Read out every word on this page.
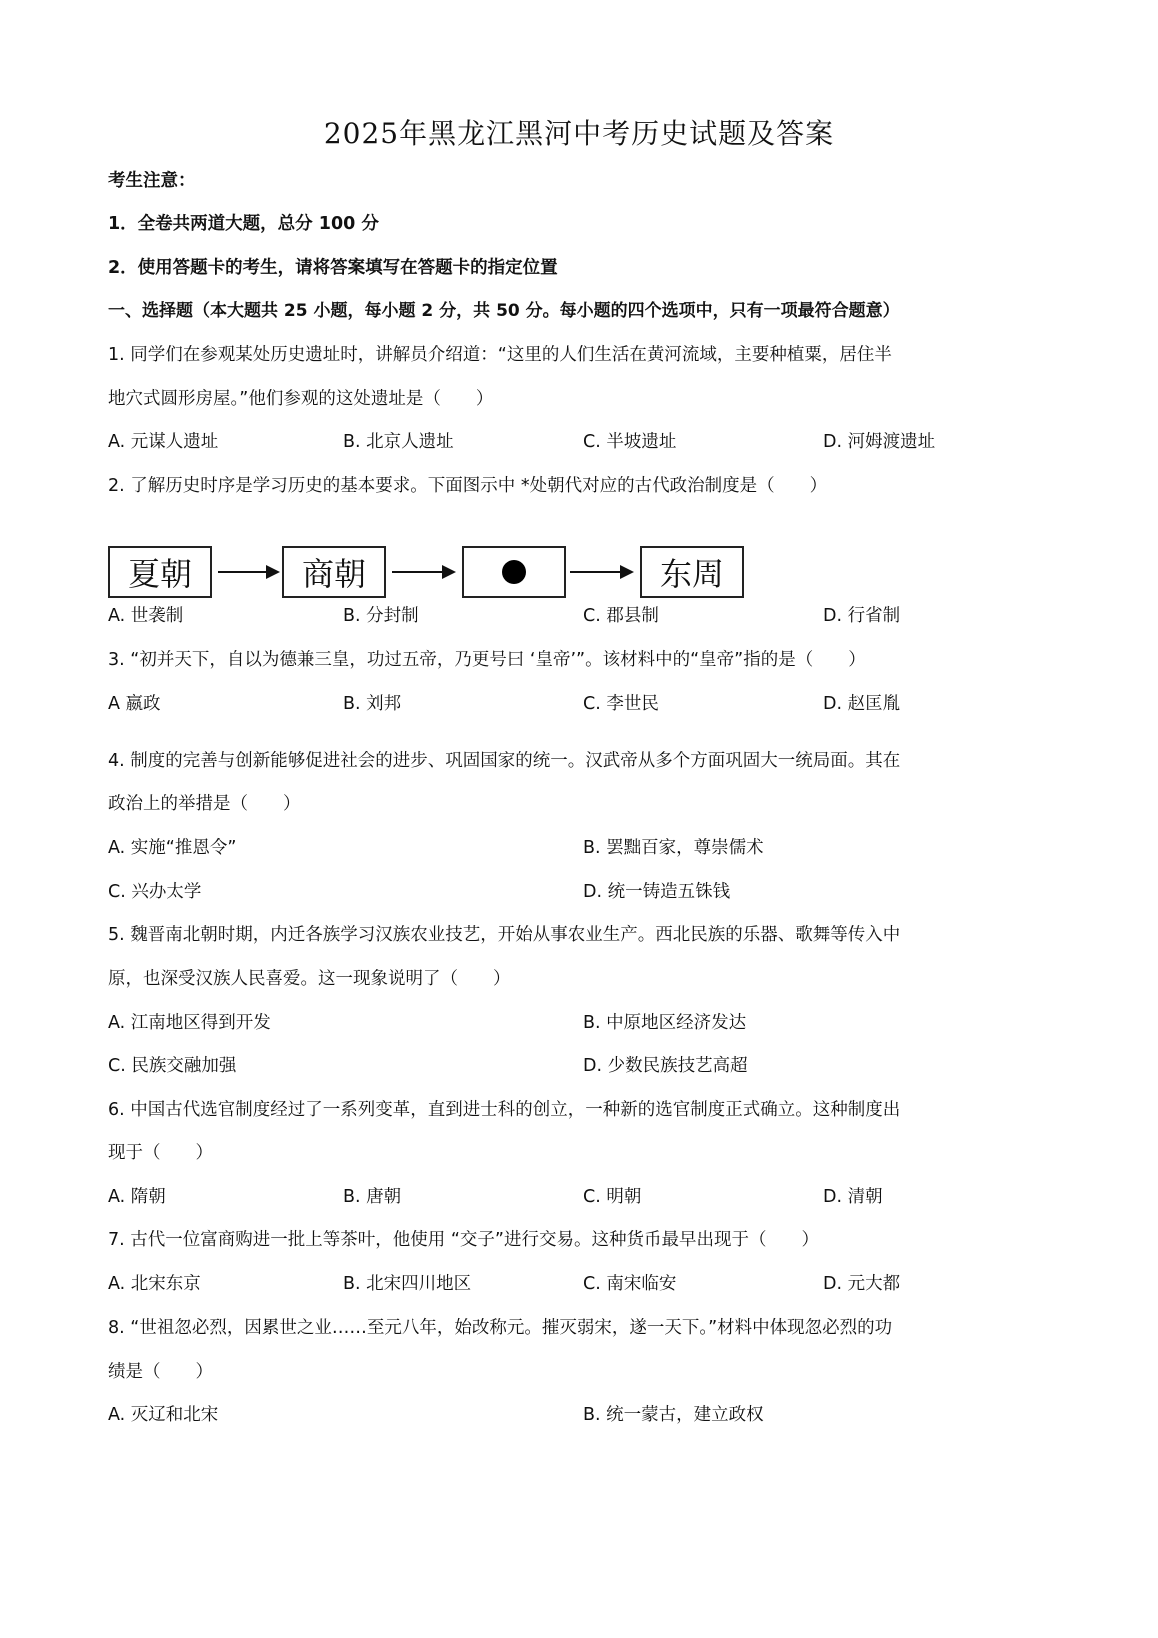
2025年黑龙江黑河中考历史试题及答案
考生注意：
1．全卷共两道大题，总分 100 分
2．使用答题卡的考生，请将答案填写在答题卡的指定位置
一、选择题（本大题共 25 小题，每小题 2 分，共 50 分。每小题的四个选项中，只有一项最符合题意）
1. 同学们在参观某处历史遗址时，讲解员介绍道：“这里的人们生活在黄河流域，主要种植粟，居住半
地穴式圆形房屋。”他们参观的这处遗址是（　　）
A. 元谋人遗址	B. 北京人遗址	C. 半坡遗址	D. 河姆渡遗址
2. 了解历史时序是学习历史的基本要求。下面图示中 *处朝代对应的古代政治制度是（　　）
夏朝	商朝	东周
A. 世袭制	B. 分封制	C. 郡县制	D. 行省制
3. “初并天下，自以为德兼三皇，功过五帝，乃更号曰 ‘皇帝’”。该材料中的“皇帝”指的是（　　）
A 嬴政	B. 刘邦	C. 李世民	D. 赵匡胤
4. 制度的完善与创新能够促进社会的进步、巩固国家的统一。汉武帝从多个方面巩固大一统局面。其在
政治上的举措是（　　）
A. 实施“推恩令”	B. 罢黜百家，尊崇儒术
C. 兴办太学	D. 统一铸造五铢钱
5. 魏晋南北朝时期，内迁各族学习汉族农业技艺，开始从事农业生产。西北民族的乐器、歌舞等传入中
原，也深受汉族人民喜爱。这一现象说明了（　　）
A. 江南地区得到开发	B. 中原地区经济发达
C. 民族交融加强	D. 少数民族技艺高超
6. 中国古代选官制度经过了一系列变革，直到进士科的创立，一种新的选官制度正式确立。这种制度出
现于（　　）
A. 隋朝	B. 唐朝	C. 明朝	D. 清朝
7. 古代一位富商购进一批上等茶叶，他使用 “交子”进行交易。这种货币最早出现于（　　）
A. 北宋东京	B. 北宋四川地区	C. 南宋临安	D. 元大都
8. “世祖忽必烈，因累世之业……至元八年，始改称元。摧灭弱宋，遂一天下。”材料中体现忽必烈的功
绩是（　　）
A. 灭辽和北宋	B. 统一蒙古，建立政权
